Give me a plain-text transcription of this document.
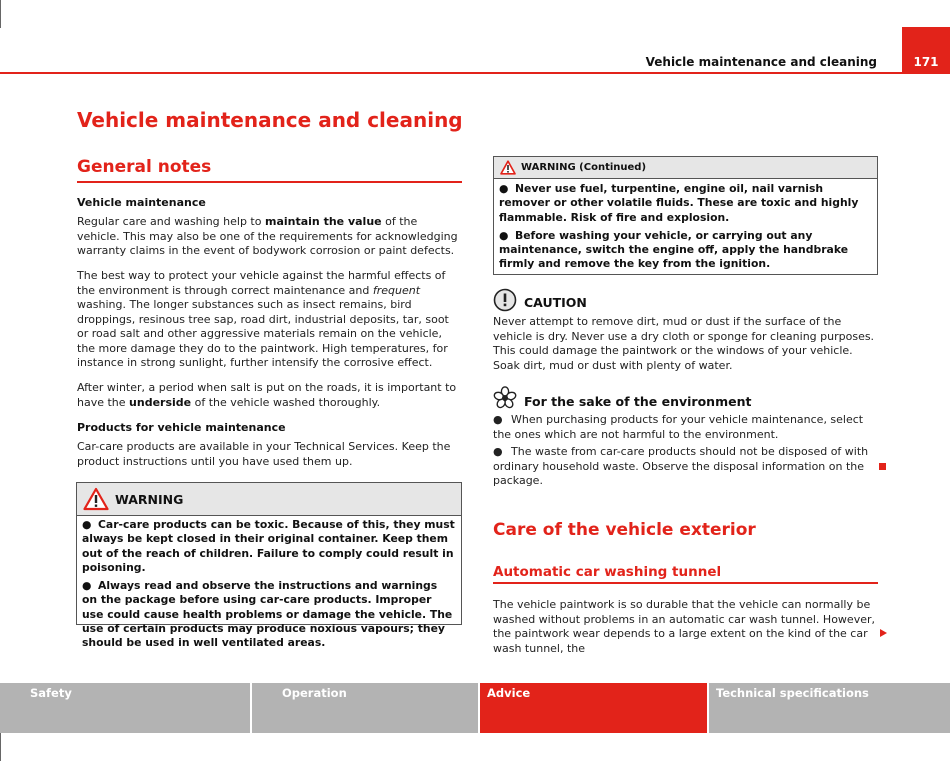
Vehicle maintenance and cleaning	171
Vehicle maintenance and cleaning
General notes
Vehicle maintenance
Regular care and washing help to maintain the value of the vehicle. This may also be one of the requirements for acknowledging warranty claims in the event of bodywork corrosion or paint defects.
The best way to protect your vehicle against the harmful effects of the environment is through correct maintenance and frequent washing. The longer substances such as insect remains, bird droppings, resinous tree sap, road dirt, industrial deposits, tar, soot or road salt and other aggressive materials remain on the vehicle, the more damage they do to the paintwork. High temperatures, for instance in strong sunlight, further intensify the corrosive effect.
After winter, a period when salt is put on the roads, it is important to have the underside of the vehicle washed thoroughly.
Products for vehicle maintenance
Car-care products are available in your Technical Services. Keep the product instructions until you have used them up.
WARNING
● Car-care products can be toxic. Because of this, they must always be kept closed in their original container. Keep them out of the reach of children. Failure to comply could result in poisoning.
● Always read and observe the instructions and warnings on the package before using car-care products. Improper use could cause health problems or damage the vehicle. The use of certain products may produce noxious vapours; they should be used in well ventilated areas.
WARNING (Continued)
● Never use fuel, turpentine, engine oil, nail varnish remover or other volatile fluids. These are toxic and highly flammable. Risk of fire and explosion.
● Before washing your vehicle, or carrying out any maintenance, switch the engine off, apply the handbrake firmly and remove the key from the ignition.
CAUTION
Never attempt to remove dirt, mud or dust if the surface of the vehicle is dry. Never use a dry cloth or sponge for cleaning purposes. This could damage the paintwork or the windows of your vehicle. Soak dirt, mud or dust with plenty of water.
For the sake of the environment
● When purchasing products for your vehicle maintenance, select the ones which are not harmful to the environment.
● The waste from car-care products should not be disposed of with ordinary household waste. Observe the disposal information on the package.
Care of the vehicle exterior
Automatic car washing tunnel
The vehicle paintwork is so durable that the vehicle can normally be washed without problems in an automatic car wash tunnel. However, the paintwork wear depends to a large extent on the kind of the car wash tunnel, the
Safety	Operation	Advice	Technical specifications
